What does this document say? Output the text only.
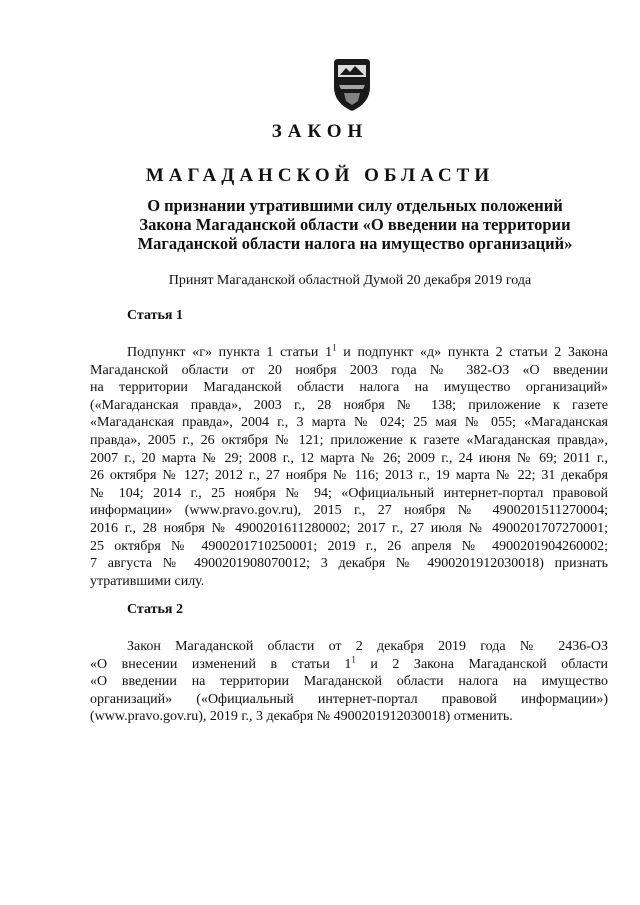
ЗАКОН
МАГАДАНСКОЙ ОБЛАСТИ
О признании утратившими силу отдельных положений
Закона Магаданской области «О введении на территории
Магаданской области налога на имущество организаций»
Принят Магаданской областной Думой 20 декабря 2019 года
Статья 1
Подпункт «г» пункта 1 статьи $1^1$ и подпункт «д» пункта 2 статьи 2 Закона
Магаданской области от 20 ноября 2003 года № 382-ОЗ «О введении
на территории Магаданской области налога на имущество организаций»
(«Магаданская правда», 2003 г., 28 ноября № 138; приложение к газете
«Магаданская правда», 2004 г., 3 марта № 024; 25 мая № 055; «Магаданская
правда», 2005 г., 26 октября № 121; приложение к газете «Магаданская правда»,
2007 г., 20 марта № 29; 2008 г., 12 марта № 26; 2009 г., 24 июня № 69; 2011 г.,
26 октября № 127; 2012 г., 27 ноября № 116; 2013 г., 19 марта № 22; 31 декабря
№ 104; 2014 г., 25 ноября № 94; «Официальный интернет-портал правовой
информации» (www.pravo.gov.ru), 2015 г., 27 ноября № 4900201511270004;
2016 г., 28 ноября № 4900201611280002; 2017 г., 27 июля № 4900201707270001;
25 октября № 4900201710250001; 2019 г., 26 апреля № 4900201904260002;
7 августа № 4900201908070012; 3 декабря № 4900201912030018) признать
утратившими силу.
Статья 2
Закон Магаданской области от 2 декабря 2019 года № 2436-ОЗ
«О внесении изменений в статьи $1^1$ и 2 Закона Магаданской области
«О введении на территории Магаданской области налога на имущество
организаций» («Официальный интернет-портал правовой информации»)
(www.pravo.gov.ru), 2019 г., 3 декабря № 4900201912030018) отменить.
